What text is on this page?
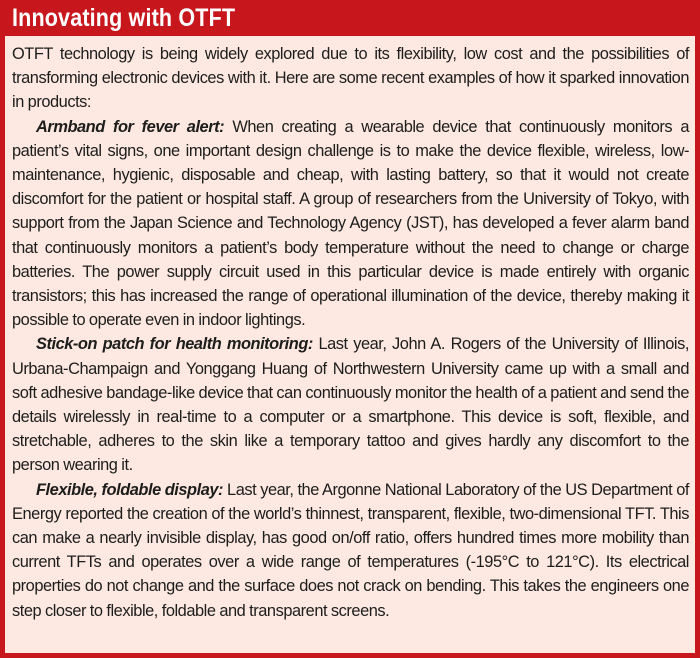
Innovating with OTFT

OTFT technology is being widely explored due to its flexibility, low cost and the possibilities of transforming electronic devices with it. Here are some recent examples of how it sparked innovation in products:

Armband for fever alert: When creating a wearable device that continuously monitors a patient’s vital signs, one important design challenge is to make the device flexible, wireless, low-maintenance, hygienic, disposable and cheap, with lasting battery, so that it would not create discomfort for the patient or hospital staff. A group of researchers from the University of Tokyo, with support from the Japan Science and Technology Agency (JST), has developed a fever alarm band that continuously monitors a patient’s body temperature without the need to change or charge batteries. The power supply circuit used in this particular device is made entirely with organic transistors; this has increased the range of operational illumination of the device, thereby making it possible to operate even in indoor lightings.

Stick-on patch for health monitoring: Last year, John A. Rogers of the University of Illinois, Urbana-Champaign and Yonggang Huang of Northwestern University came up with a small and soft adhesive bandage-like device that can continuously monitor the health of a patient and send the details wirelessly in real-time to a computer or a smartphone. This device is soft, flexible, and stretchable, adheres to the skin like a temporary tattoo and gives hardly any discomfort to the person wearing it.

Flexible, foldable display: Last year, the Argonne National Laboratory of the US Department of Energy reported the creation of the world’s thinnest, transparent, flexible, two-dimensional TFT. This can make a nearly invisible display, has good on/off ratio, offers hundred times more mobility than current TFTs and operates over a wide range of temperatures (-195°C to 121°C). Its electrical properties do not change and the surface does not crack on bending. This takes the engineers one step closer to flexible, foldable and transparent screens.
